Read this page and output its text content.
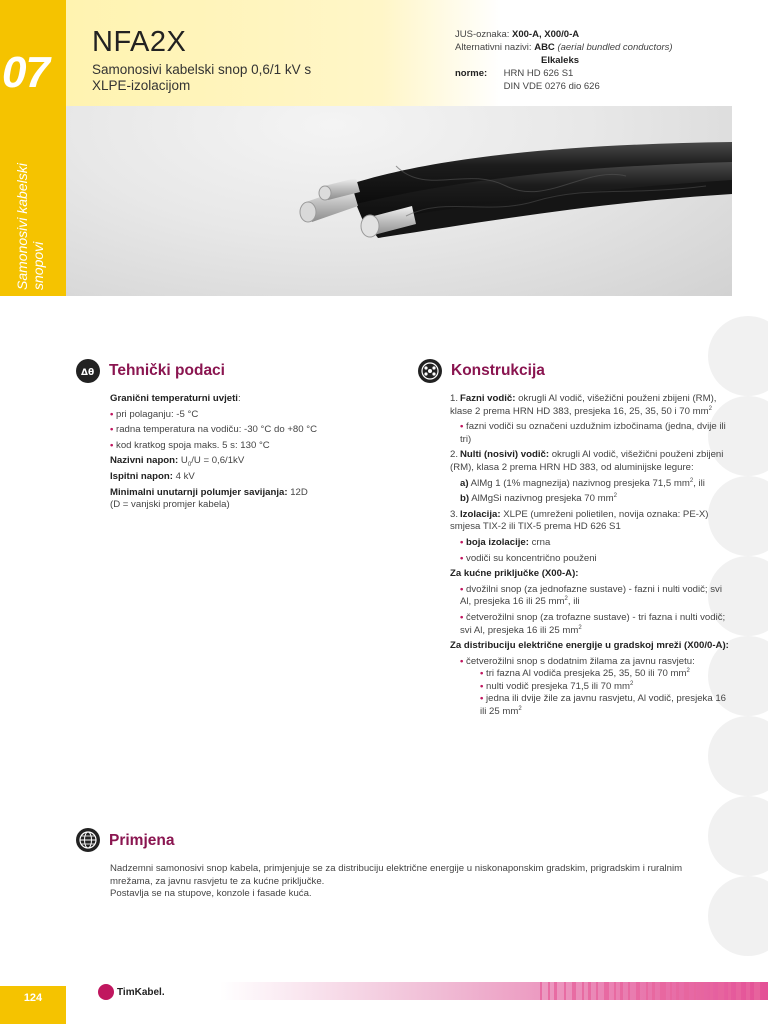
07
Samonosivi kabelski snopovi
NFA2X
Samonosivi kabelski snop 0,6/1 kV s XLPE-izolacijom
JUS-oznaka: X00-A, X00/0-A
Alternativni nazivi: ABC (aerial bundled conductors)
Elkaleks
norme: HRN HD 626 S1
DIN VDE 0276 dio 626
Δθ Tehnički podaci

Granični temperaturni uvjeti:

• pri polaganju: -5 °C

• radna temperatura na vodiču: -30 °C do +80 °C

• kod kratkog spoja maks. 5 s: 130 °C

Nazivni napon: $U_0/U = 0,6/1kV$

Ispitni napon: 4 kV

Minimalni unutarnji polumjer savijanja: 12D

(D = vanjski promjer kabela)

Konstrukcija

1. Fazni vodič: okrugli Al vodič, višežični použeni zbijeni (RM), klase 2 prema HRN HD 383, presjeka 16, 25, 35, 50 i 70 $mm^2$

• fazni vodiči su označeni uzdužnim izbočinama (jedna, dvije ili tri)

2. Nulti (nosivi) vodič: okrugli Al vodič, višežični použeni zbijeni (RM), klasa 2 prema HRN HD 383, od aluminijske legure:

a) AlMg 1 (1% magnezija) nazivnog presjeka 71,5 $mm^2$, ili

b) AlMgSi nazivnog presjeka 70 $mm^2$

3. Izolacija: XLPE (umreženi polietilen, novija oznaka: PE-X) smjesa TIX-2 ili TIX-5 prema HD 626 S1

• boja izolacije: crna

• vodiči su koncentrično použeni

Za kućne priključke (X00-A):

• dvožilni snop (za jednofazne sustave) - fazni i nulti vodič; svi Al, presjeka 16 ili 25 $mm^2$, ili

• četverožilni snop (za trofazne sustave) - tri fazna i nulti vodič; svi Al, presjeka 16 ili 25 $mm^2$

Za distribuciju električne energije u gradskoj mreži (X00/0-A):

• četverožilni snop s dodatnim žilama za javnu rasvjetu:

• tri fazna Al vodiča presjeka 25, 35, 50 ili 70 $mm^2$

• nulti vodič presjeka 71,5 ili 70 $mm^2$

• jedna ili dvije žile za javnu rasvjetu, Al vodič, presjeka 16 ili 25 $mm^2$

Primjena

Nadzemni samonosivi snop kabela, primjenjuje se za distribuciju električne energije u niskonaponskim gradskim, prigradskim i ruralnim mrežama, za javnu rasvjetu te za kućne priključke.

Postavlja se na stupove, konzole i fasade kuća.

124	TimKabel.
